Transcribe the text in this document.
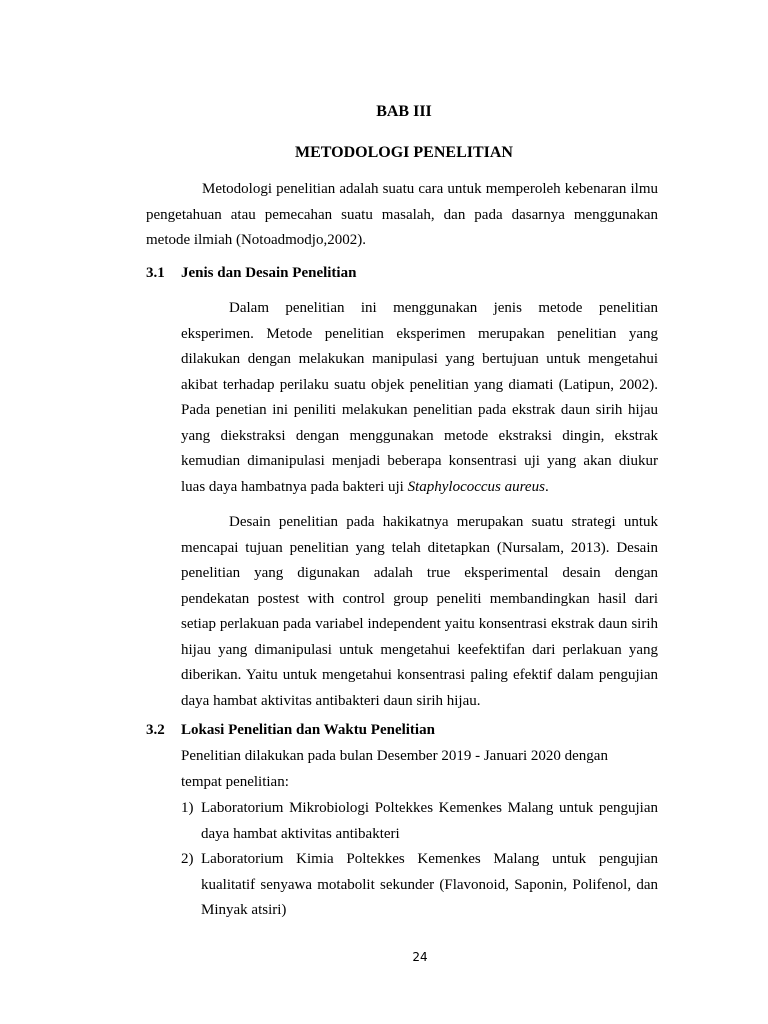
BAB III
METODOLOGI PENELITIAN

Metodologi penelitian adalah suatu cara untuk memperoleh kebenaran ilmu pengetahuan atau pemecahan suatu masalah, dan pada dasarnya menggunakan metode ilmiah (Notoadmodjo,2002).

3.1 Jenis dan Desain Penelitian

Dalam penelitian ini menggunakan jenis metode penelitian eksperimen. Metode penelitian eksperimen merupakan penelitian yang dilakukan dengan melakukan manipulasi yang bertujuan untuk mengetahui akibat terhadap perilaku suatu objek penelitian yang diamati (Latipun, 2002). Pada penetian ini peniliti melakukan penelitian pada ekstrak daun sirih hijau yang diekstraksi dengan menggunakan metode ekstraksi dingin, ekstrak kemudian dimanipulasi menjadi beberapa konsentrasi uji yang akan diukur luas daya hambatnya pada bakteri uji Staphylococcus aureus.

Desain penelitian pada hakikatnya merupakan suatu strategi untuk mencapai tujuan penelitian yang telah ditetapkan (Nursalam, 2013). Desain penelitian yang digunakan adalah true eksperimental desain dengan pendekatan postest with control group peneliti membandingkan hasil dari setiap perlakuan pada variabel independent yaitu konsentrasi ekstrak daun sirih hijau yang dimanipulasi untuk mengetahui keefektifan dari perlakuan yang diberikan. Yaitu untuk mengetahui konsentrasi paling efektif dalam pengujian daya hambat aktivitas antibakteri daun sirih hijau.

3.2 Lokasi Penelitian dan Waktu Penelitian

Penelitian dilakukan pada bulan Desember 2019 - Januari 2020 dengan
tempat penelitian:

1) Laboratorium Mikrobiologi Poltekkes Kemenkes Malang untuk pengujian daya hambat aktivitas antibakteri
2) Laboratorium Kimia Poltekkes Kemenkes Malang untuk pengujian kualitatif senyawa motabolit sekunder (Flavonoid, Saponin, Polifenol, dan Minyak atsiri)
24
